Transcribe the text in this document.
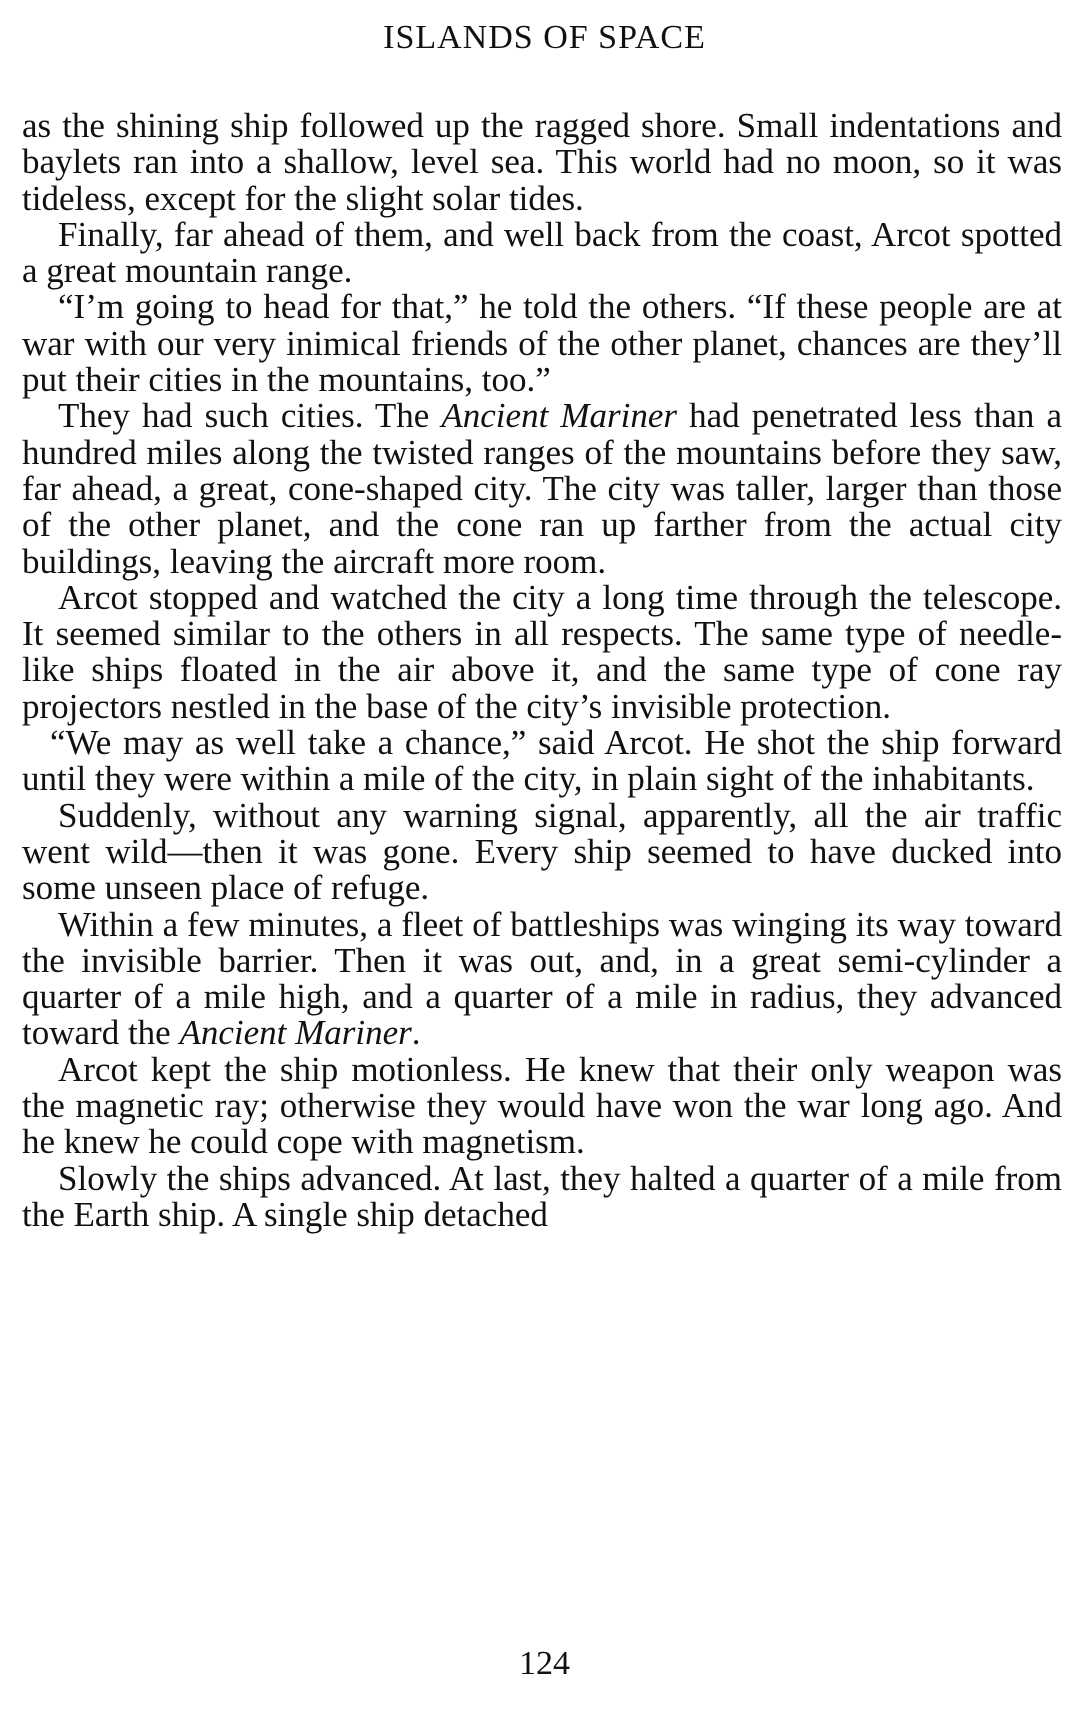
ISLANDS OF SPACE

as the shining ship followed up the ragged shore. Small indentations and baylets ran into a shallow, level sea. This world had no moon, so it was tideless, except for the slight solar tides.

Finally, far ahead of them, and well back from the coast, Arcot spotted a great mountain range.

“I’m going to head for that,” he told the others. “If these people are at war with our very inimical friends of the other planet, chances are they’ll put their cities in the mountains, too.”

They had such cities. The Ancient Mariner had penetrated less than a hundred miles along the twisted ranges of the mountains before they saw, far ahead, a great, cone-shaped city. The city was taller, larger than those of the other planet, and the cone ran up farther from the actual city buildings, leaving the aircraft more room.

Arcot stopped and watched the city a long time through the telescope. It seemed similar to the others in all respects. The same type of needle-like ships floated in the air above it, and the same type of cone ray projectors nestled in the base of the city’s invisible protection.

“We may as well take a chance,” said Arcot. He shot the ship forward until they were within a mile of the city, in plain sight of the inhabitants.

Suddenly, without any warning signal, apparently, all the air traffic went wild—then it was gone. Every ship seemed to have ducked into some unseen place of refuge.

Within a few minutes, a fleet of battleships was winging its way toward the invisible barrier. Then it was out, and, in a great semi-cylinder a quarter of a mile high, and a quarter of a mile in radius, they advanced toward the Ancient Mariner.

Arcot kept the ship motionless. He knew that their only weapon was the magnetic ray; otherwise they would have won the war long ago. And he knew he could cope with magnetism.

Slowly the ships advanced. At last, they halted a quarter of a mile from the Earth ship. A single ship detached

124
